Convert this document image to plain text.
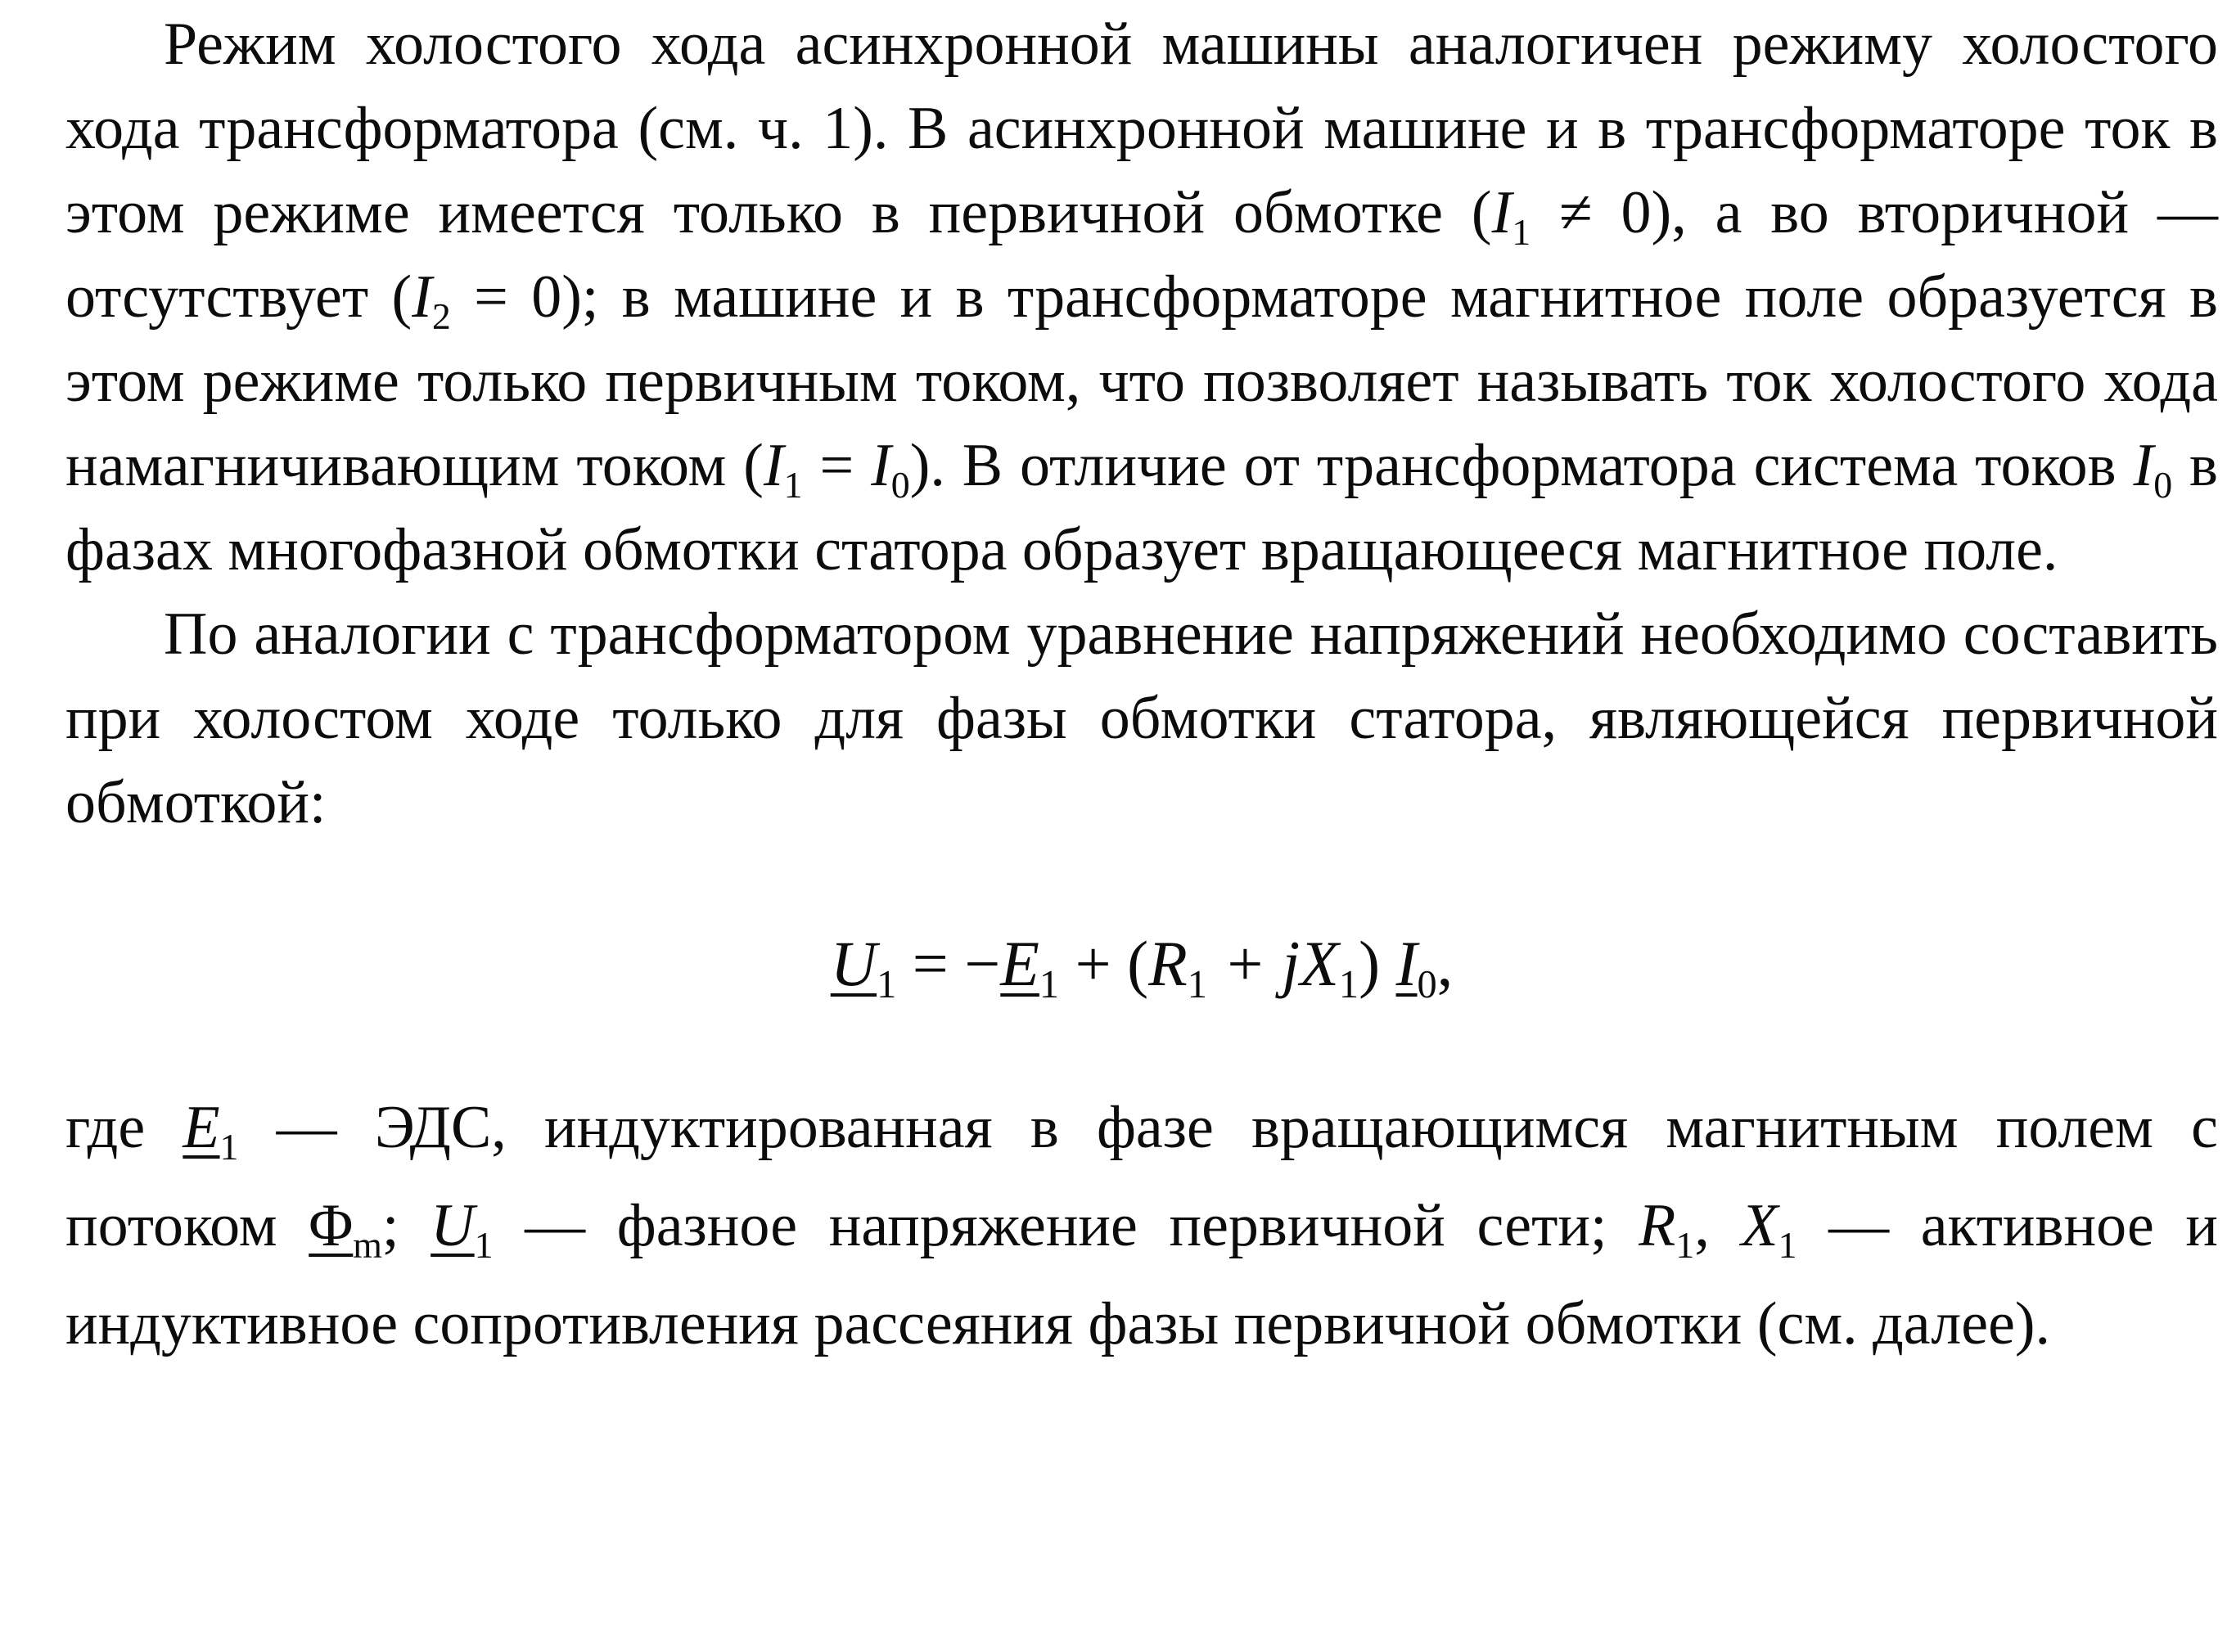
Режим холостого хода асинхронной машины аналогичен режиму холостого хода трансформатора (см. ч. 1). В асинхронной машине и в трансформаторе ток в этом режиме имеется только в первичной обмотке (I1 ≠ 0), а во вторичной — отсутствует (I2 = 0); в машине и в трансформаторе магнитное поле образуется в этом режиме только первичным током, что позволяет называть ток холостого хода намагничивающим током (I1 = I0). В отличие от трансформатора система токов I0 в фазах многофазной обмотки статора образует вращающееся магнитное поле.

По аналогии с трансформатором уравнение напряжений необходимо составить при холостом ходе только для фазы обмотки статора, являющейся первичной обмоткой:

U1 = −E1 + (R1 + jX1) I0,

где E1 — ЭДС, индуктированная в фазе вращающимся магнитным полем с потоком Φm; U1 — фазное напряжение первичной сети; R1, X1 — активное и индуктивное сопротивления рассеяния фазы первичной обмотки (см. далее).
